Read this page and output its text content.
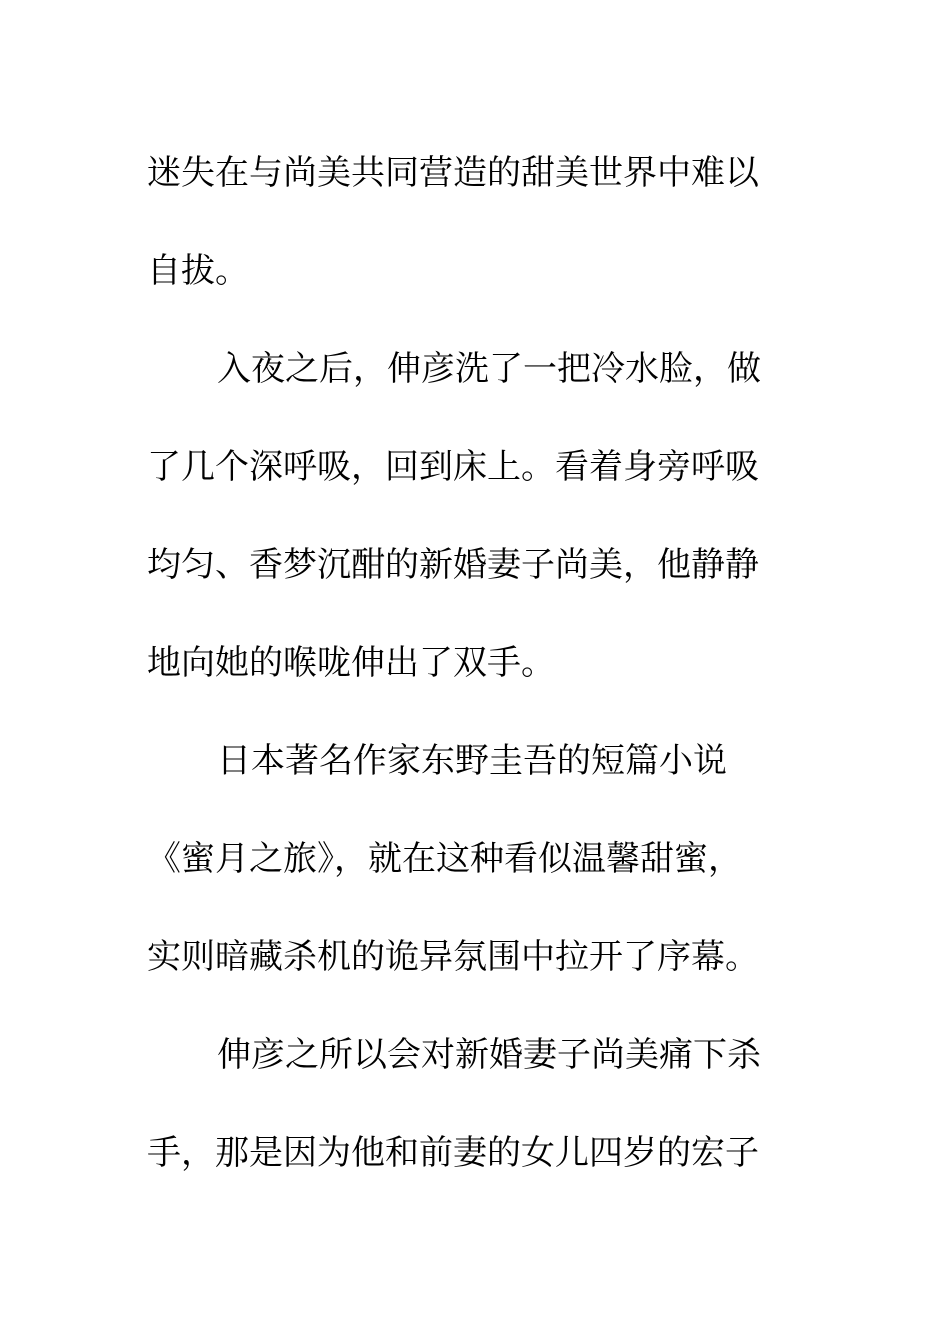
迷失在与尚美共同营造的甜美世界中难以
自拔。
入夜之后，伸彦洗了一把冷水脸，做
了几个深呼吸，回到床上。看着身旁呼吸
均匀、香梦沉酣的新婚妻子尚美，他静静
地向她的喉咙伸出了双手。
日本著名作家东野圭吾的短篇小说
《蜜月之旅》，就在这种看似温馨甜蜜，
实则暗藏杀机的诡异氛围中拉开了序幕。
伸彦之所以会对新婚妻子尚美痛下杀
手，那是因为他和前妻的女儿四岁的宏子
